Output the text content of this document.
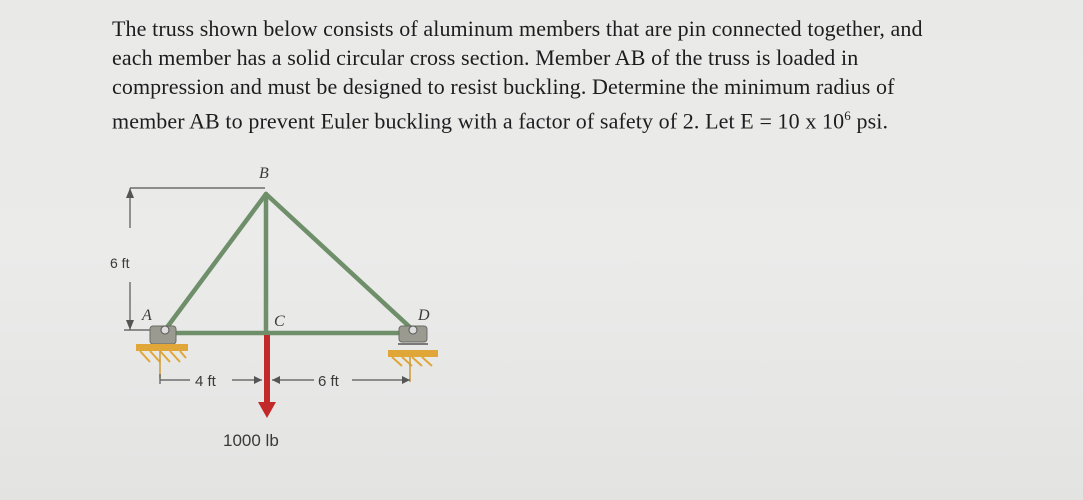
The truss shown below consists of aluminum members that are pin connected together, and

each member has a solid circular cross section. Member AB of the truss is loaded in

compression and must be designed to resist buckling. Determine the minimum radius of

member AB to prevent Euler buckling with a factor of safety of 2. Let E = 10 x $10^6$ psi.

6 ft
4 ft	6 ft
A
B
C	D
1000 lb
